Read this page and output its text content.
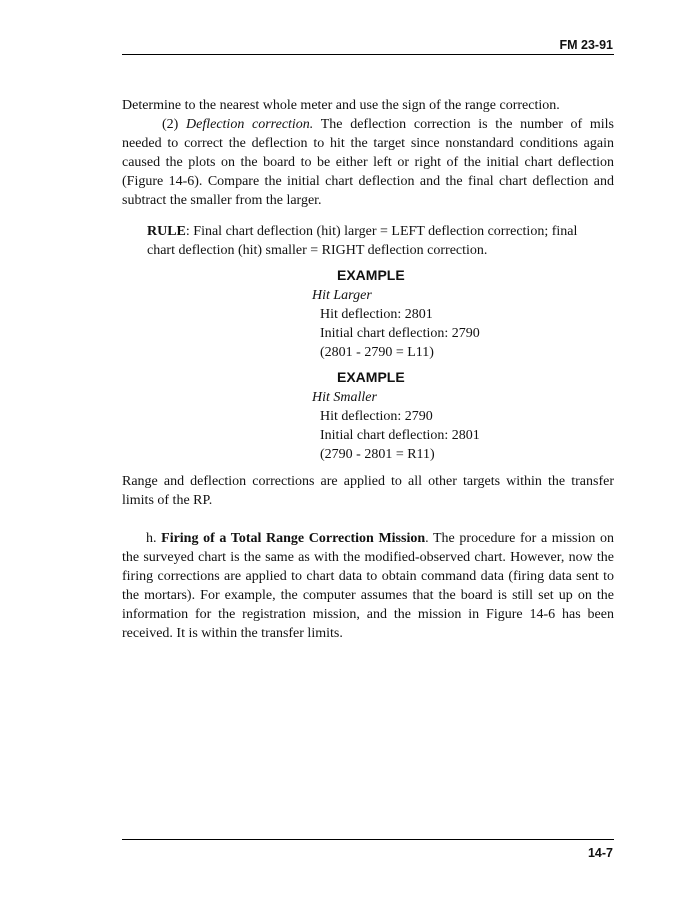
FM 23-91

Determine to the nearest whole meter and use the sign of the range correction.

(2) Deflection correction. The deflection correction is the number of mils needed to correct the deflection to hit the target since nonstandard conditions again caused the plots on the board to be either left or right of the initial chart deflection (Figure 14-6). Compare the initial chart deflection and the final chart deflection and subtract the smaller from the larger.

RULE: Final chart deflection (hit) larger = LEFT deflection correction; final chart deflection (hit) smaller = RIGHT deflection correction.

EXAMPLE
Hit Larger
Hit deflection: 2801
Initial chart deflection: 2790
(2801 - 2790 = L11)
EXAMPLE
Hit Smaller
Hit deflection: 2790
Initial chart deflection: 2801
(2790 - 2801 = R11)

Range and deflection corrections are applied to all other targets within the transfer limits of the RP.

h. Firing of a Total Range Correction Mission. The procedure for a mission on the surveyed chart is the same as with the modified-observed chart. However, now the firing corrections are applied to chart data to obtain command data (firing data sent to the mortars). For example, the computer assumes that the board is still set up on the information for the registration mission, and the mission in Figure 14-6 has been received. It is within the transfer limits.

14-7
